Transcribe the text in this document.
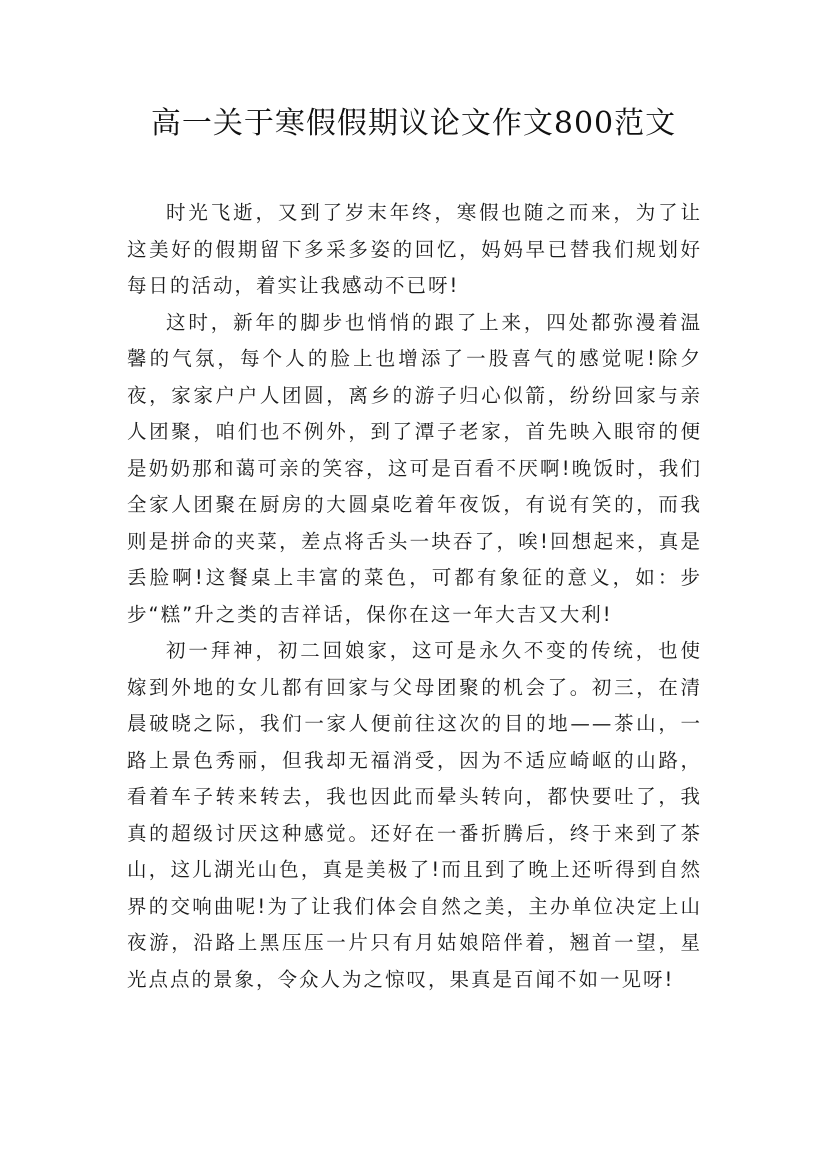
高一关于寒假假期议论文作文800范文

时光飞逝，又到了岁末年终，寒假也随之而来，为了让这美好的假期留下多采多姿的回忆，妈妈早已替我们规划好每日的活动，着实让我感动不已呀!

这时，新年的脚步也悄悄的跟了上来，四处都弥漫着温馨的气氛，每个人的脸上也增添了一股喜气的感觉呢!除夕夜，家家户户人团圆，离乡的游子归心似箭，纷纷回家与亲人团聚，咱们也不例外，到了潭子老家，首先映入眼帘的便是奶奶那和蔼可亲的笑容，这可是百看不厌啊!晚饭时，我们全家人团聚在厨房的大圆桌吃着年夜饭，有说有笑的，而我则是拼命的夹菜，差点将舌头一块吞了，唉!回想起来，真是丢脸啊!这餐桌上丰富的菜色，可都有象征的意义，如：步步“糕”升之类的吉祥话，保你在这一年大吉又大利!

初一拜神，初二回娘家，这可是永久不变的传统，也使嫁到外地的女儿都有回家与父母团聚的机会了。初三，在清晨破晓之际，我们一家人便前往这次的目的地——茶山，一路上景色秀丽，但我却无福消受，因为不适应崎岖的山路，看着车子转来转去，我也因此而晕头转向，都快要吐了，我真的超级讨厌这种感觉。还好在一番折腾后，终于来到了茶山，这儿湖光山色，真是美极了!而且到了晚上还听得到自然界的交响曲呢!为了让我们体会自然之美，主办单位决定上山夜游，沿路上黑压压一片只有月姑娘陪伴着，翘首一望，星光点点的景象，令众人为之惊叹，果真是百闻不如一见呀!
